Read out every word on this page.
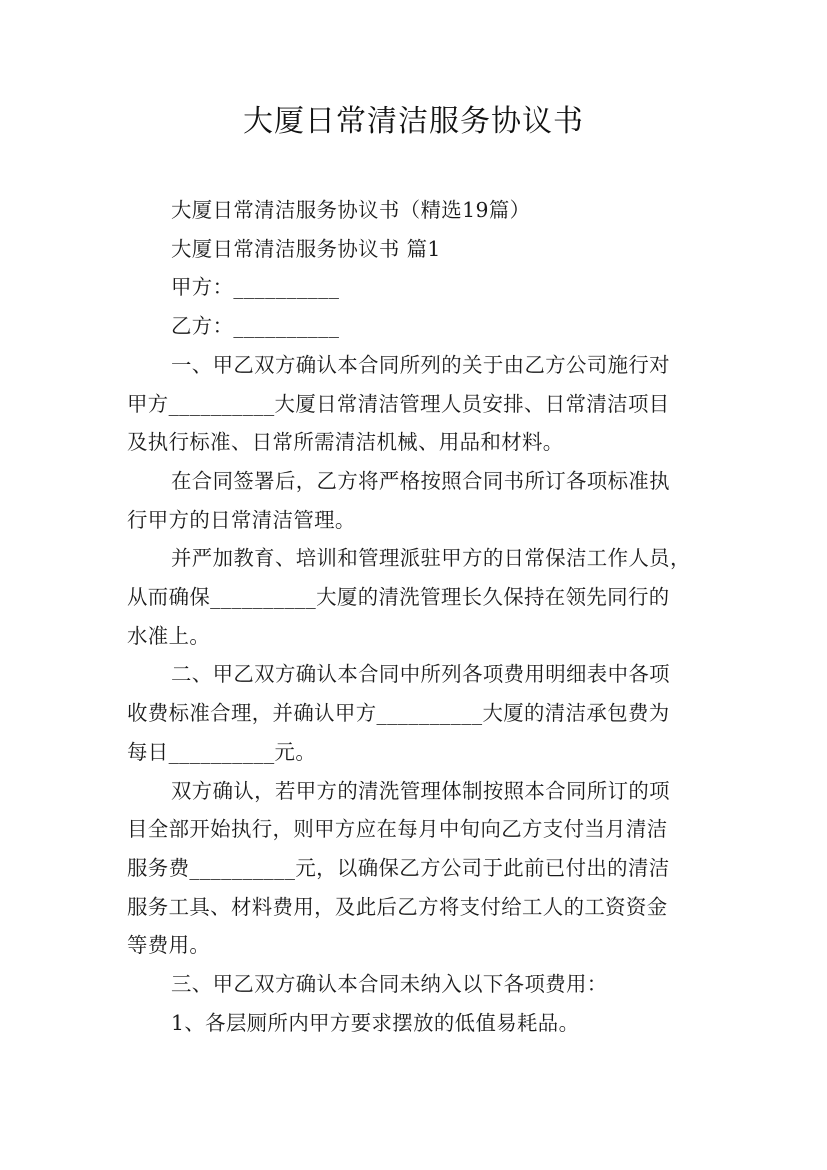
大厦日常清洁服务协议书

大厦日常清洁服务协议书（精选19篇）

大厦日常清洁服务协议书 篇1

甲方：__________

乙方：__________

一、甲乙双方确认本合同所列的关于由乙方公司施行对

甲方__________大厦日常清洁管理人员安排、日常清洁项目

及执行标准、日常所需清洁机械、用品和材料。

在合同签署后，乙方将严格按照合同书所订各项标准执

行甲方的日常清洁管理。

并严加教育、培训和管理派驻甲方的日常保洁工作人员，

从而确保__________大厦的清洗管理长久保持在领先同行的

水准上。

二、甲乙双方确认本合同中所列各项费用明细表中各项

收费标准合理，并确认甲方__________大厦的清洁承包费为

每日__________元。

双方确认，若甲方的清洗管理体制按照本合同所订的项

目全部开始执行，则甲方应在每月中旬向乙方支付当月清洁

服务费__________元，以确保乙方公司于此前已付出的清洁

服务工具、材料费用，及此后乙方将支付给工人的工资资金

等费用。

三、甲乙双方确认本合同未纳入以下各项费用：

1、各层厕所内甲方要求摆放的低值易耗品。
